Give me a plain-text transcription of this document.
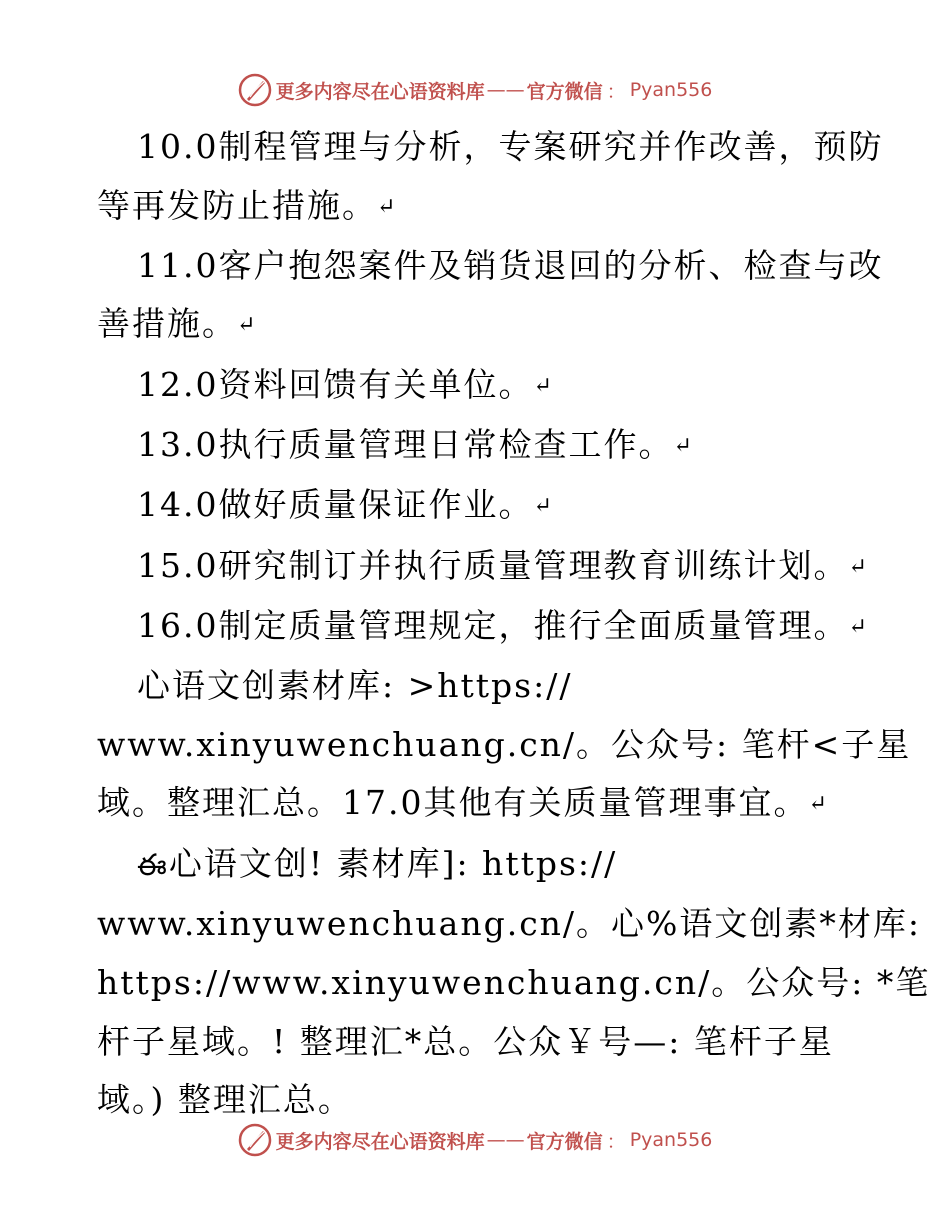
更多内容尽在心语资料库 —— 官方微信 ： Pyan556
10.0制程管理与分析，专案研究并作改善，预防
等再发防止措施。↵
11.0客户抱怨案件及销货退回的分析、检查与改
善措施。↵
12.0资料回馈有关单位。↵
13.0执行质量管理日常检查工作。↵
14.0做好质量保证作业。↵
15.0研究制订并执行质量管理教育训练计划。↵
16.0制定质量管理规定，推行全面质量管理。↵
心语文创素材库: >https://
www.xinyuwenchuang.cn/。公众号: 笔杆<子星
域。整理汇总。17.0其他有关质量管理事宜。↵
ఈ心语文创! 素材库]: https://
www.xinyuwenchuang.cn/。心%语文创素*材库:
https://www.xinyuwenchuang.cn/。公众号: *笔
杆子星域。! 整理汇*总。公众￥号—: 笔杆子星
域。) 整理汇总。
更多内容尽在心语资料库 —— 官方微信 ： Pyan556
